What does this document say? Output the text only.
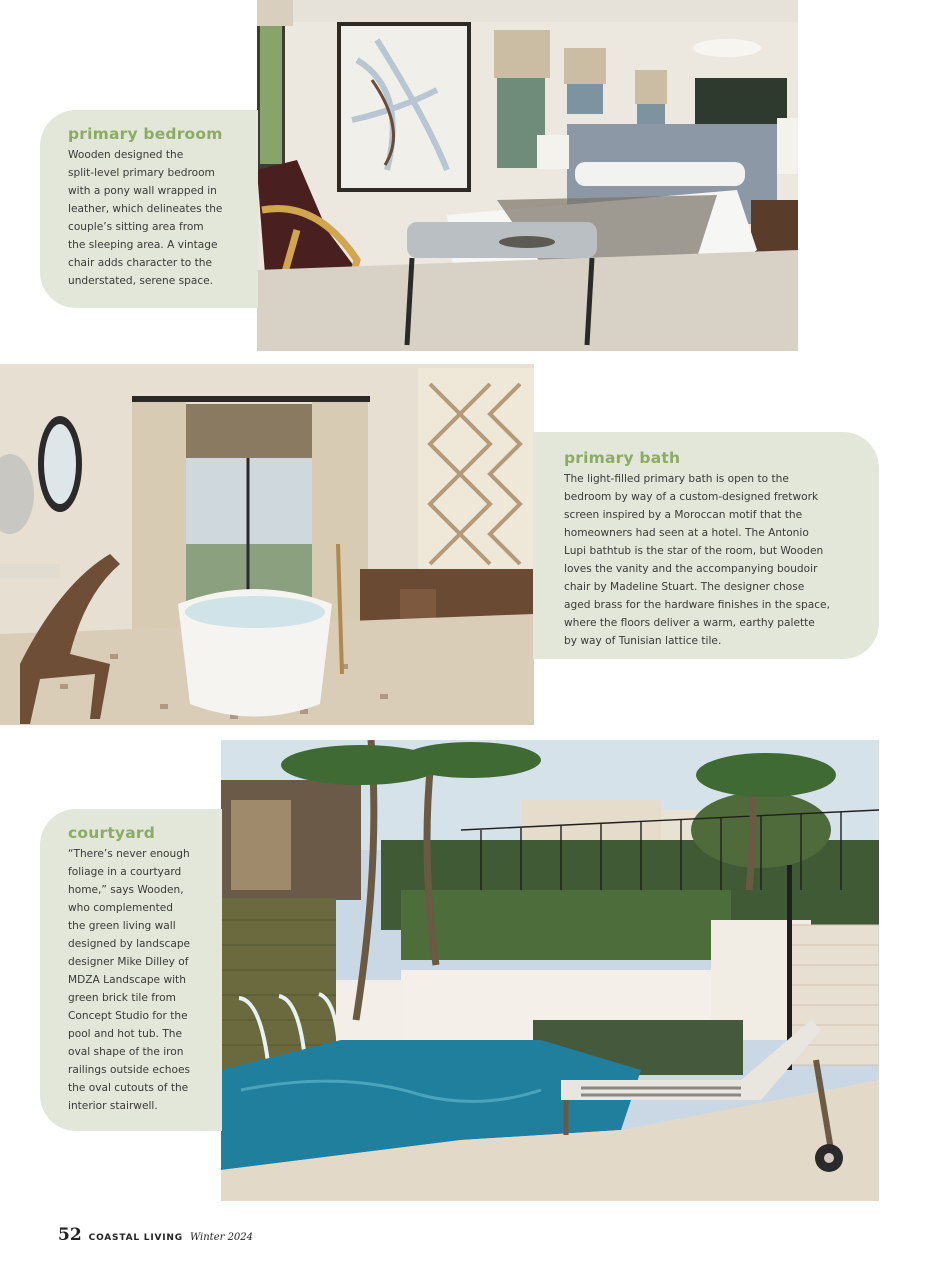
primary bedroom

Wooden designed the
split-level primary bedroom
with a pony wall wrapped in
leather, which delineates the
couple’s sitting area from
the sleeping area. A vintage
chair adds character to the
understated, serene space.

primary bath

The light-filled primary bath is open to the
bedroom by way of a custom-designed fretwork
screen inspired by a Moroccan motif that the
homeowners had seen at a hotel. The Antonio
Lupi bathtub is the star of the room, but Wooden
loves the vanity and the accompanying boudoir
chair by Madeline Stuart. The designer chose
aged brass for the hardware finishes in the space,
where the floors deliver a warm, earthy palette
by way of Tunisian lattice tile.

courtyard

“There’s never enough
foliage in a courtyard
home,” says Wooden,
who complemented
the green living wall
designed by landscape
designer Mike Dilley of
MDZA Landscape with
green brick tile from
Concept Studio for the
pool and hot tub. The
oval shape of the iron
railings outside echoes
the oval cutouts of the
interior stairwell.

52 COASTAL LIVING Winter 2024
